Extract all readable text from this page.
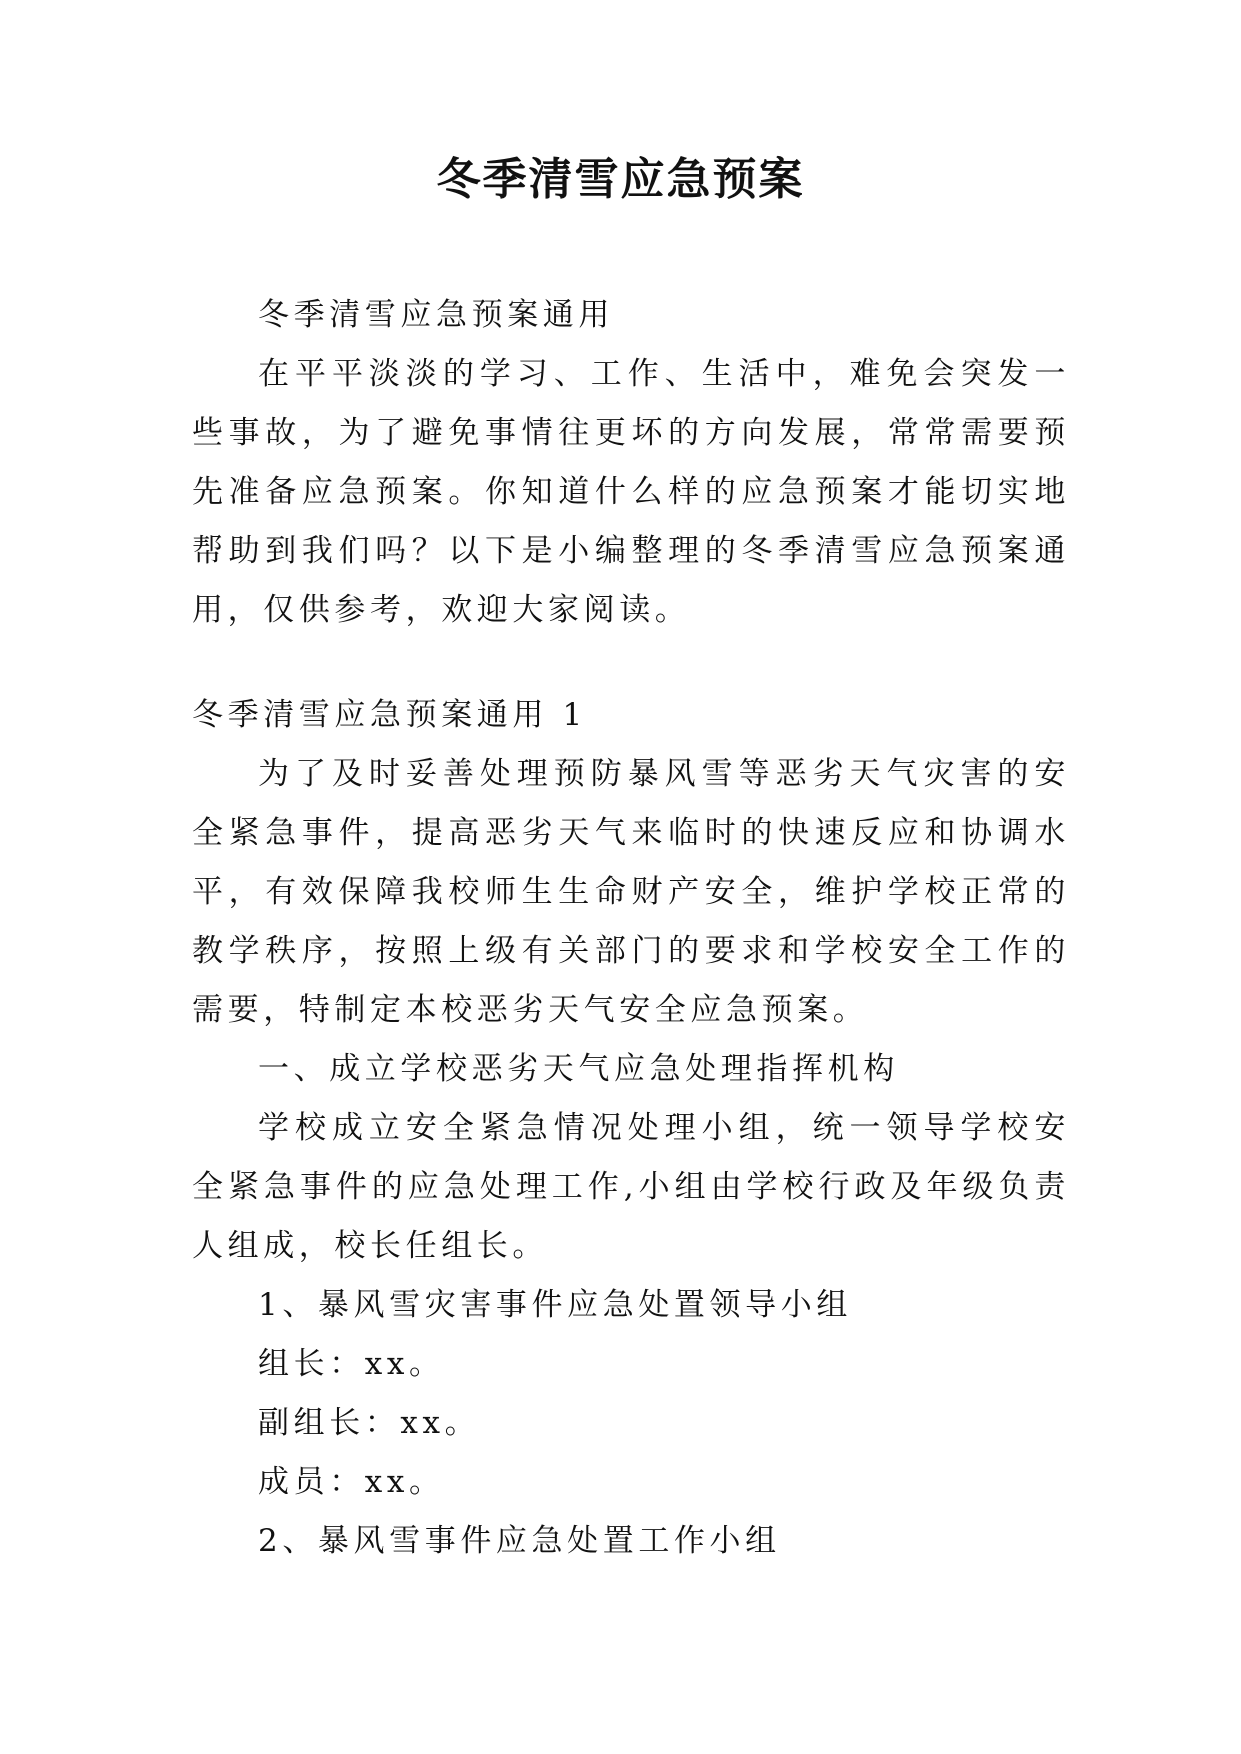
冬季清雪应急预案

冬季清雪应急预案通用

在平平淡淡的学习、工作、生活中，难免会突发一些事故，为了避免事情往更坏的方向发展，常常需要预先准备应急预案。你知道什么样的应急预案才能切实地帮助到我们吗？以下是小编整理的冬季清雪应急预案通用，仅供参考，欢迎大家阅读。

冬季清雪应急预案通用 1

为了及时妥善处理预防暴风雪等恶劣天气灾害的安全紧急事件，提高恶劣天气来临时的快速反应和协调水平，有效保障我校师生生命财产安全，维护学校正常的教学秩序，按照上级有关部门的要求和学校安全工作的需要，特制定本校恶劣天气安全应急预案。

一、成立学校恶劣天气应急处理指挥机构

学校成立安全紧急情况处理小组，统一领导学校安全紧急事件的应急处理工作,小组由学校行政及年级负责人组成，校长任组长。

1、暴风雪灾害事件应急处置领导小组

组长：xx。

副组长：xx。

成员：xx。

2、暴风雪事件应急处置工作小组
